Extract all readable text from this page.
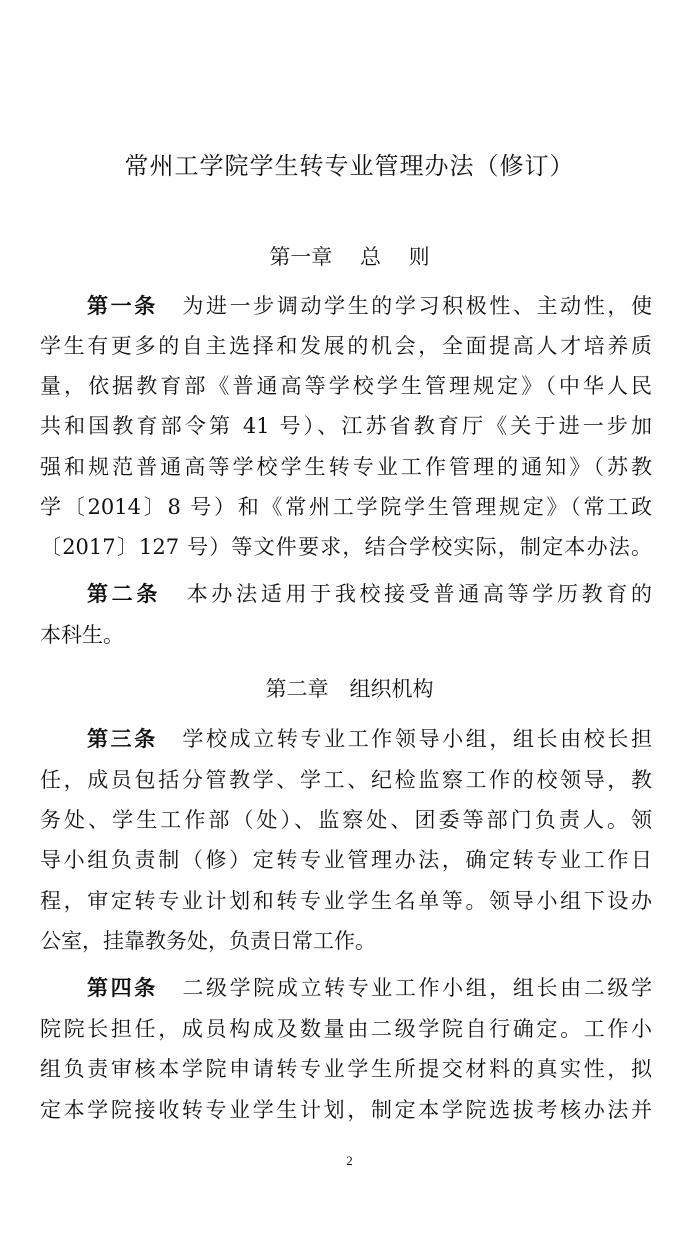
常州工学院学生转专业管理办法（修订）
第一章　 总　 则

第一条 为进一步调动学生的学习积极性、主动性，使

学生有更多的自主选择和发展的机会，全面提高人才培养质

量，依据教育部《普通高等学校学生管理规定》（中华人民

共和国教育部令第 41 号）、江苏省教育厅《关于进一步加

强和规范普通高等学校学生转专业工作管理的通知》（苏教

学〔2014〕8 号）和《常州工学院学生管理规定》（常工政

〔2017〕127 号）等文件要求，结合学校实际，制定本办法。

第二条 本办法适用于我校接受普通高等学历教育的

本科生。

第二章　组织机构

第三条 学校成立转专业工作领导小组，组长由校长担

任，成员包括分管教学、学工、纪检监察工作的校领导，教

务处、学生工作部（处）、监察处、团委等部门负责人。领

导小组负责制（修）定转专业管理办法，确定转专业工作日

程，审定转专业计划和转专业学生名单等。领导小组下设办

公室，挂靠教务处，负责日常工作。

第四条 二级学院成立转专业工作小组，组长由二级学

院院长担任，成员构成及数量由二级学院自行确定。工作小

组负责审核本学院申请转专业学生所提交材料的真实性，拟

定本学院接收转专业学生计划，制定本学院选拔考核办法并

2
